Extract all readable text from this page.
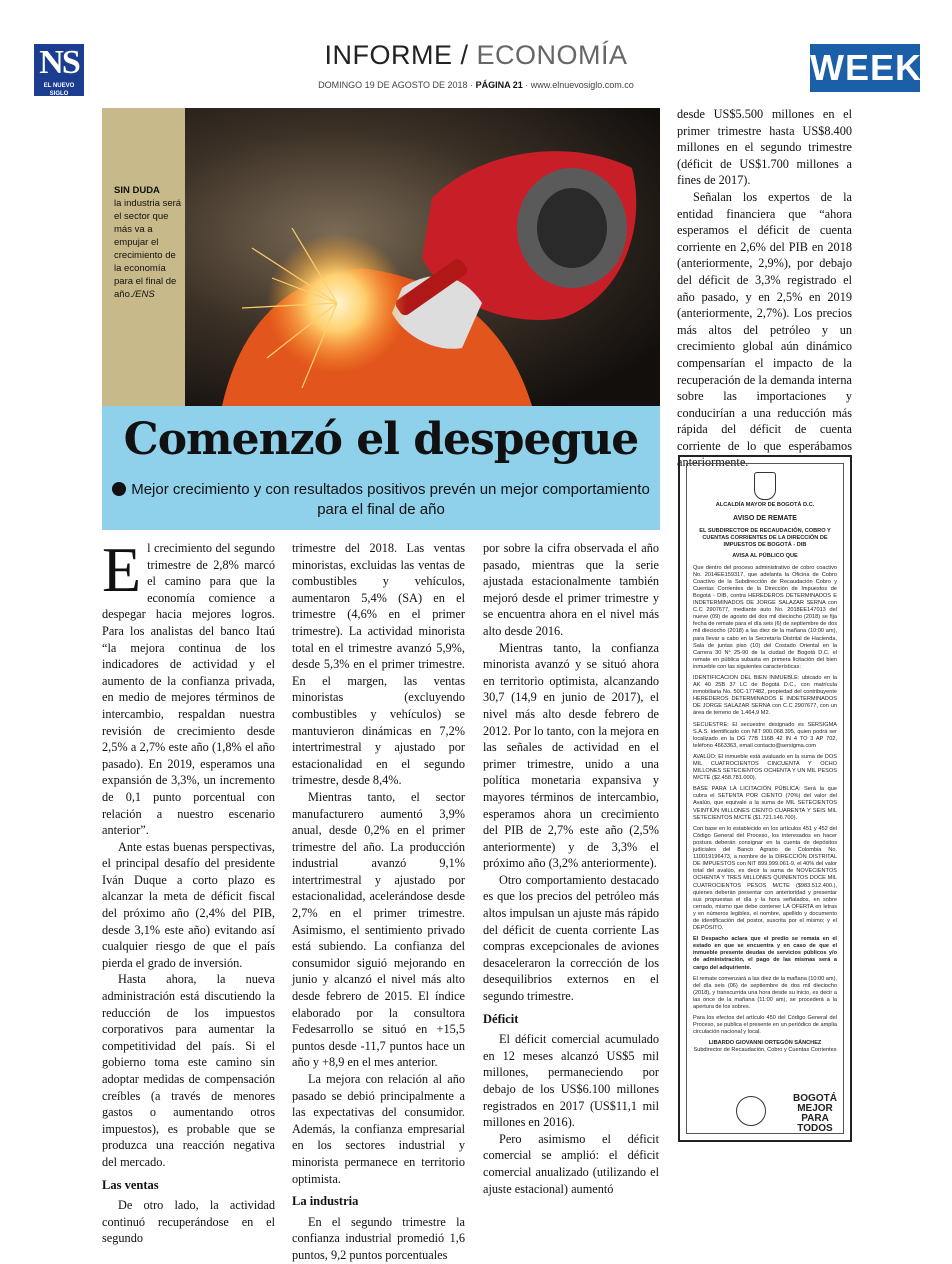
NS
EL NUEVO SIGLO
INFORME / ECONOMÍA
DOMINGO 19 DE AGOSTO DE 2018 · PÁGINA 21 · www.elnuevosiglo.com.co	WEEK
SIN DUDA
la industria será el sector que más va a empujar el crecimiento de la economía para el final de año./ENS
Comenzó el despegue
Mejor crecimiento y con resultados positivos prevén un mejor comportamiento para el final de año

El crecimiento del segundo trimestre de 2,8% marcó el camino para que la economía comience a despegar hacia mejores logros. Para los analistas del banco Itaú “la mejora continua de los indicadores de actividad y el aumento de la confianza privada, en medio de mejores términos de intercambio, respaldan nuestra revisión de crecimiento desde 2,5% a 2,7% este año (1,8% el año pasado). En 2019, esperamos una expansión de 3,3%, un incremento de 0,1 punto porcentual con relación a nuestro escenario anterior”.

Ante estas buenas perspectivas, el principal desafío del presidente Iván Duque a corto plazo es alcanzar la meta de déficit fiscal del próximo año (2,4% del PIB, desde 3,1% este año) evitando así cualquier riesgo de que el país pierda el grado de inversión.

Hasta ahora, la nueva administración está discutiendo la reducción de los impuestos corporativos para aumentar la competitividad del país. Si el gobierno toma este camino sin adoptar medidas de compensación creíbles (a través de menores gastos o aumentando otros impuestos), es probable que se produzca una reacción negativa del mercado.

Las ventas

De otro lado, la actividad continuó recuperándose en el segundo

trimestre del 2018. Las ventas minoristas, excluidas las ventas de combustibles y vehículos, aumentaron 5,4% (SA) en el trimestre (4,6% en el primer trimestre). La actividad minorista total en el trimestre avanzó 5,9%, desde 5,3% en el primer trimestre. En el margen, las ventas minoristas (excluyendo combustibles y vehículos) se mantuvieron dinámicas en 7,2% intertrimestral y ajustado por estacionalidad en el segundo trimestre, desde 8,4%.

Mientras tanto, el sector manufacturero aumentó 3,9% anual, desde 0,2% en el primer trimestre del año. La producción industrial avanzó 9,1% intertrimestral y ajustado por estacionalidad, acelerándose desde 2,7% en el primer trimestre. Asimismo, el sentimiento privado está subiendo. La confianza del consumidor siguió mejorando en junio y alcanzó el nivel más alto desde febrero de 2015. El índice elaborado por la consultora Fedesarrollo se situó en +15,5 puntos desde -11,7 puntos hace un año y +8,9 en el mes anterior.

La mejora con relación al año pasado se debió principalmente a las expectativas del consumidor. Además, la confianza empresarial en los sectores industrial y minorista permanece en territorio optimista.

La industria

En el segundo trimestre la confianza industrial promedió 1,6 puntos, 9,2 puntos porcentuales

por sobre la cifra observada el año pasado, mientras que la serie ajustada estacionalmente también mejoró desde el primer trimestre y se encuentra ahora en el nivel más alto desde 2016.

Mientras tanto, la confianza minorista avanzó y se situó ahora en territorio optimista, alcanzando 30,7 (14,9 en junio de 2017), el nivel más alto desde febrero de 2012. Por lo tanto, con la mejora en las señales de actividad en el primer trimestre, unido a una política monetaria expansiva y mayores términos de intercambio, esperamos ahora un crecimiento del PIB de 2,7% este año (2,5% anteriormente) y de 3,3% el próximo año (3,2% anteriormente).

Otro comportamiento destacado es que los precios del petróleo más altos impulsan un ajuste más rápido del déficit de cuenta corriente Las compras excepcionales de aviones desaceleraron la corrección de los desequilibrios externos en el segundo trimestre.

Déficit

El déficit comercial acumulado en 12 meses alcanzó US$5 mil millones, permaneciendo por debajo de los US$6.100 millones registrados en 2017 (US$11,1 mil millones en 2016).

Pero asimismo el déficit comercial se amplió: el déficit comercial anualizado (utilizando el ajuste estacional) aumentó

desde US$5.500 millones en el primer trimestre hasta US$8.400 millones en el segundo trimestre (déficit de US$1.700 millones a fines de 2017).

Señalan los expertos de la entidad financiera que “ahora esperamos el déficit de cuenta corriente en 2,6% del PIB en 2018 (anteriormente, 2,9%), por debajo del déficit de 3,3% registrado el año pasado, y en 2,5% en 2019 (anteriormente, 2,7%). Los precios más altos del petróleo y un crecimiento global aún dinámico compensarían el impacto de la recuperación de la demanda interna sobre las importaciones y conducirían a una reducción más rápida del déficit de cuenta corriente de lo que esperábamos anteriormente.

ALCALDÍA MAYOR DE BOGOTÁ D.C.
AVISO DE REMATE
EL SUBDIRECTOR DE RECAUDACIÓN, COBRO Y CUENTAS CORRIENTES DE LA DIRECCIÓN DE IMPUESTOS DE BOGOTÁ - DIB
AVISA AL PÚBLICO QUE

Que dentro del proceso administrativo de cobro coactivo No. 2014EE159317, que adelanta la Oficina de Cobro Coactivo de la Subdirección de Recaudación Cobro y Cuentas Corrientes de la Dirección de Impuestos de Bogotá - DIB, contra HEREDEROS DETERMINADOS E INDETERMINADOS DE JORGE SALAZAR SERNA con C.C 2907677, mediante auto No. 2018EE147013 del nueve (09) de agosto del dos mil dieciocho (2018) se fija fecha de remate para el día seis (6) de septiembre de dos mil dieciocho (2018) a las diez de la mañana (10:00 am), para llevar a cabo en la Secretaría Distrital de Hacienda, Sala de juntas piso (10) del Costado Oriental en la Carrera 30 N° 25-90 de la ciudad de Bogotá D.C. el remate en pública subasta en primera licitación del bien inmueble con las siguientes características:

IDENTIFICACION DEL BIEN INMUEBLE: ubicado en la AK 40 25B 37 LC de Bogotá D.C., con matrícula inmobiliaria No. 50C-177482, propiedad del contribuyente HEREDEROS DETERMINADOS E INDETERMINADOS DE JORGE SALAZAR SERNA con C.C 2907677, con un área de terreno de 1.464,9 M2.

SECUESTRE: El secuestre designado es SERSIGMA S.A.S. identificado con NIT 900.068.395, quien podrá ser localizado en la DG 77B 116B 42 IN 4 TO 3 AP 702, teléfono 4663363, email contacto@sersigma.com

AVALÚO: El inmueble está avaluado en la suma de DOS MIL CUATROCIENTOS CINCUENTA Y OCHO MILLONES SETECIENTOS OCHENTA Y UN MIL PESOS M/CTE ($2.458.781.000).

BASE PARA LA LICITACIÓN PÚBLICA: Será la que cubra el SETENTA POR CIENTO (70%) del valor del Avalúo, que equivale a la suma de MIL SETECIENTOS VEINTIÚN MILLONES CIENTO CUARENTA Y SEIS MIL SETECIENTOS M/CTE ($1.721.146.700).

Con base en lo establecido en los artículos 451 y 452 del Código General del Proceso, los interesados en hacer postura deberán consignar en la cuenta de depósitos judiciales del Banco Agrario de Colombia No. 110019196473, a nombre de la DIRECCIÓN DISTRITAL DE IMPUESTOS con NIT 899.999.061-9, el 40% del valor total del avalúo, es decir la suma de NOVECIENTOS OCHENTA Y TRES MILLONES QUINIENTOS DOCE MIL CUATROCIENTOS PESOS M/CTE ($983.512.400.), quienes deberán presentar con anterioridad y presentar sus propuestas el día y la hora señalados, en sobre cerrado, mismo que debe contener LA OFERTA en letras y en números legibles, el nombre, apellido y documento de identificación del postor, suscrita por el mismo; y el DEPÓSITO.

El Despacho aclara que el predio se remata en el estado en que se encuentra y en caso de que el inmueble presente deudas de servicios públicos y/o de administración, el pago de las mismas será a cargo del adquiriente.

El remate comenzará a las diez de la mañana (10:00 am), del día seis (06) de septiembre de dos mil dieciocho (2018), y transcurrida una hora desde su inicio, es decir a las once de la mañana (11:00 am), se procederá a la apertura de los sobres.

Para los efectos del artículo 450 del Código General del Proceso, se publica el presente en un periódico de amplia circulación nacional y local.

LIBARDO GIOVANNI ORTEGÓN SÁNCHEZ
Subdirector de Recaudación, Cobro y Cuentas Corrientes
BOGOTÁ MEJOR PARA TODOS
